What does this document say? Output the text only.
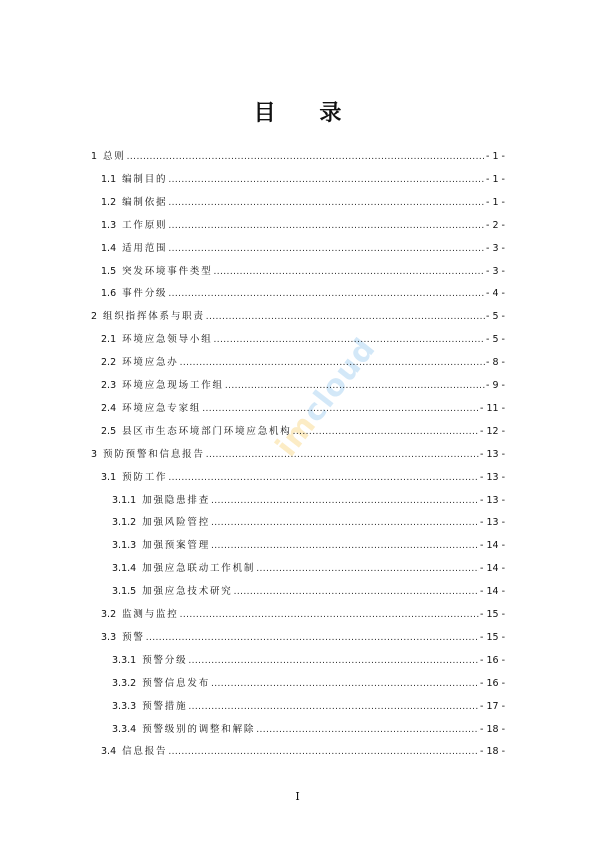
目 录
imcloud
1 总则 .....	- 1 -
1.1 编制目的 .....	- 1 -
1.2 编制依据 .....	- 1 -
1.3 工作原则 .....	- 2 -
1.4 适用范围 .....	- 3 -
1.5 突发环境事件类型 .....	- 3 -
1.6 事件分级 .....	- 4 -
2 组织指挥体系与职责 .....	- 5 -
2.1 环境应急领导小组 .....	- 5 -
2.2 环境应急办 .....	- 8 -
2.3 环境应急现场工作组 .....	- 9 -
2.4 环境应急专家组 .....	- 11 -
2.5 县区市生态环境部门环境应急机构 .....	- 12 -
3 预防预警和信息报告 .....	- 13 -
3.1 预防工作 .....	- 13 -
3.1.1 加强隐患排查 .....	- 13 -
3.1.2 加强风险管控 .....	- 13 -
3.1.3 加强预案管理 .....	- 14 -
3.1.4 加强应急联动工作机制 .....	- 14 -
3.1.5 加强应急技术研究 .....	- 14 -
3.2 监测与监控 .....	- 15 -
3.3 预警 .....	- 15 -
3.3.1 预警分级 .....	- 16 -
3.3.2 预警信息发布 .....	- 16 -
3.3.3 预警措施 .....	- 17 -
3.3.4 预警级别的调整和解除 .....	- 18 -
3.4 信息报告 .....	- 18 -
I
